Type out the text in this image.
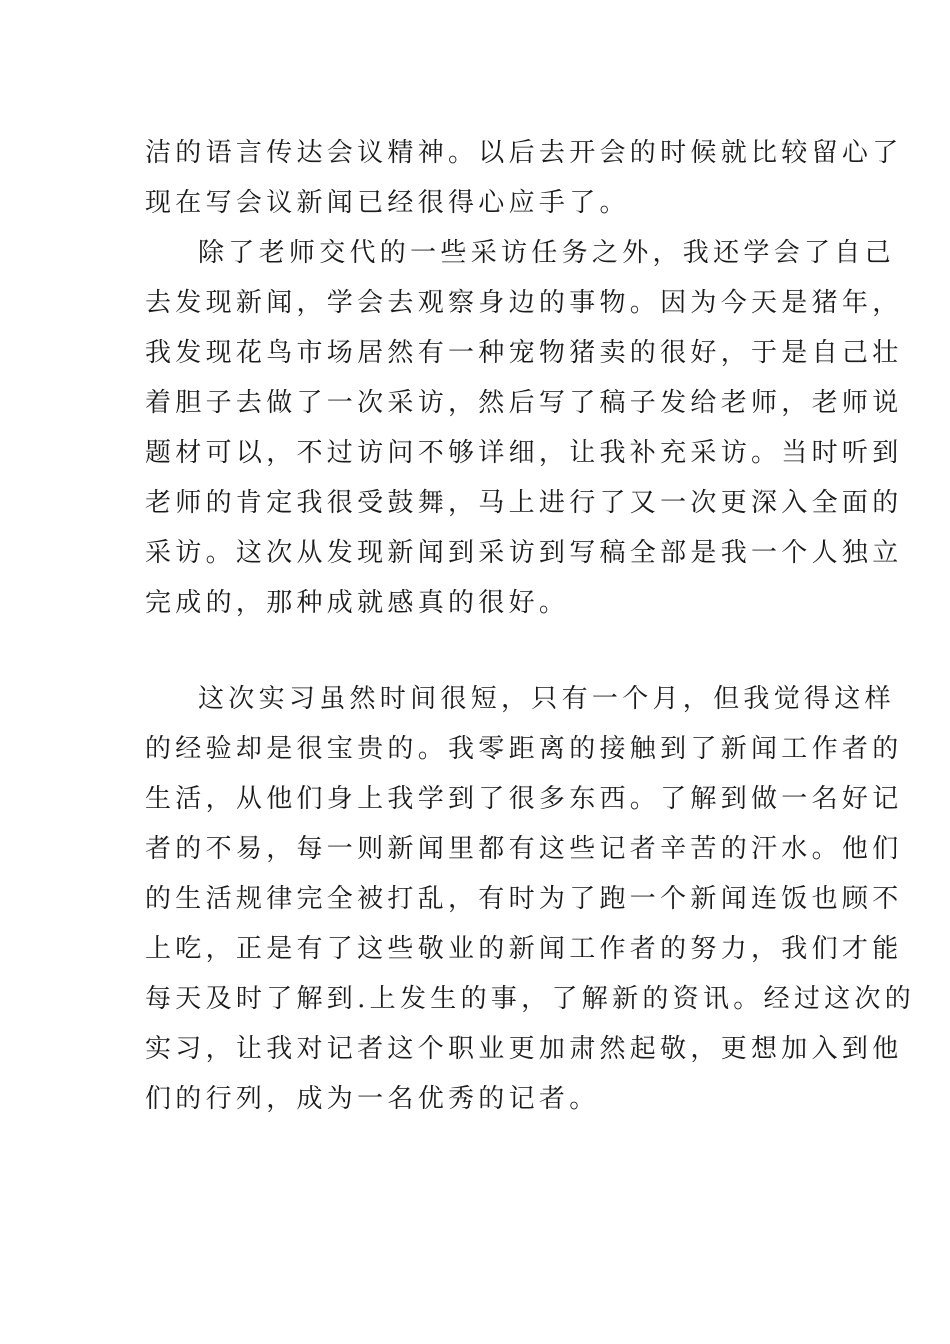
洁的语言传达会议精神。以后去开会的时候就比较留心了

现在写会议新闻已经很得心应手了。

除了老师交代的一些采访任务之外，我还学会了自己

去发现新闻，学会去观察身边的事物。因为今天是猪年，

我发现花鸟市场居然有一种宠物猪卖的很好，于是自己壮

着胆子去做了一次采访，然后写了稿子发给老师，老师说

题材可以，不过访问不够详细，让我补充采访。当时听到

老师的肯定我很受鼓舞，马上进行了又一次更深入全面的

采访。这次从发现新闻到采访到写稿全部是我一个人独立

完成的，那种成就感真的很好。

这次实习虽然时间很短，只有一个月，但我觉得这样

的经验却是很宝贵的。我零距离的接触到了新闻工作者的

生活，从他们身上我学到了很多东西。了解到做一名好记

者的不易，每一则新闻里都有这些记者辛苦的汗水。他们

的生活规律完全被打乱，有时为了跑一个新闻连饭也顾不

上吃，正是有了这些敬业的新闻工作者的努力，我们才能

每天及时了解到.上发生的事，了解新的资讯。经过这次的

实习，让我对记者这个职业更加肃然起敬，更想加入到他

们的行列，成为一名优秀的记者。
